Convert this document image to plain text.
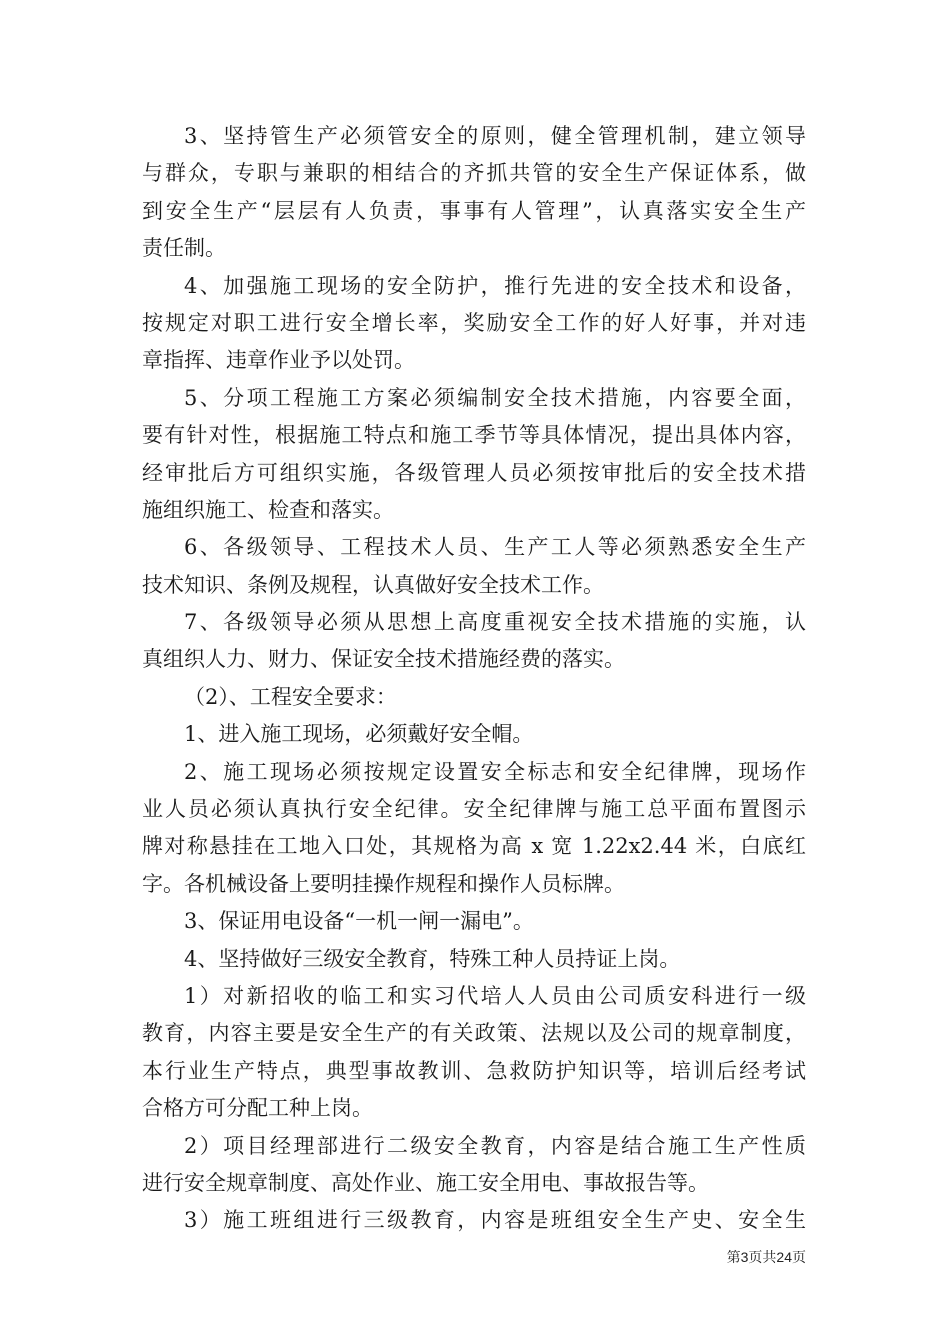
3、坚持管生产必须管安全的原则，健全管理机制，建立领导
与群众，专职与兼职的相结合的齐抓共管的安全生产保证体系，做
到安全生产“层层有人负责，事事有人管理”，认真落实安全生产
责任制。
4、加强施工现场的安全防护，推行先进的安全技术和设备，
按规定对职工进行安全增长率，奖励安全工作的好人好事，并对违
章指挥、违章作业予以处罚。
5、分项工程施工方案必须编制安全技术措施，内容要全面，
要有针对性，根据施工特点和施工季节等具体情况，提出具体内容，
经审批后方可组织实施，各级管理人员必须按审批后的安全技术措
施组织施工、检查和落实。
6、各级领导、工程技术人员、生产工人等必须熟悉安全生产
技术知识、条例及规程，认真做好安全技术工作。
7、各级领导必须从思想上高度重视安全技术措施的实施，认
真组织人力、财力、保证安全技术措施经费的落实。
（2）、工程安全要求：
1、进入施工现场，必须戴好安全帽。
2、施工现场必须按规定设置安全标志和安全纪律牌，现场作
业人员必须认真执行安全纪律。安全纪律牌与施工总平面布置图示
牌对称悬挂在工地入口处，其规格为高 x 宽 1.22x2.44 米，白底红
字。各机械设备上要明挂操作规程和操作人员标牌。
3、保证用电设备“一机一闸一漏电”。
4、坚持做好三级安全教育，特殊工种人员持证上岗。
1）对新招收的临工和实习代培人人员由公司质安科进行一级
教育，内容主要是安全生产的有关政策、法规以及公司的规章制度，
本行业生产特点，典型事故教训、急救防护知识等，培训后经考试
合格方可分配工种上岗。
2）项目经理部进行二级安全教育，内容是结合施工生产性质
进行安全规章制度、高处作业、施工安全用电、事故报告等。
3）施工班组进行三级教育，内容是班组安全生产史、安全生
第3页共24页
